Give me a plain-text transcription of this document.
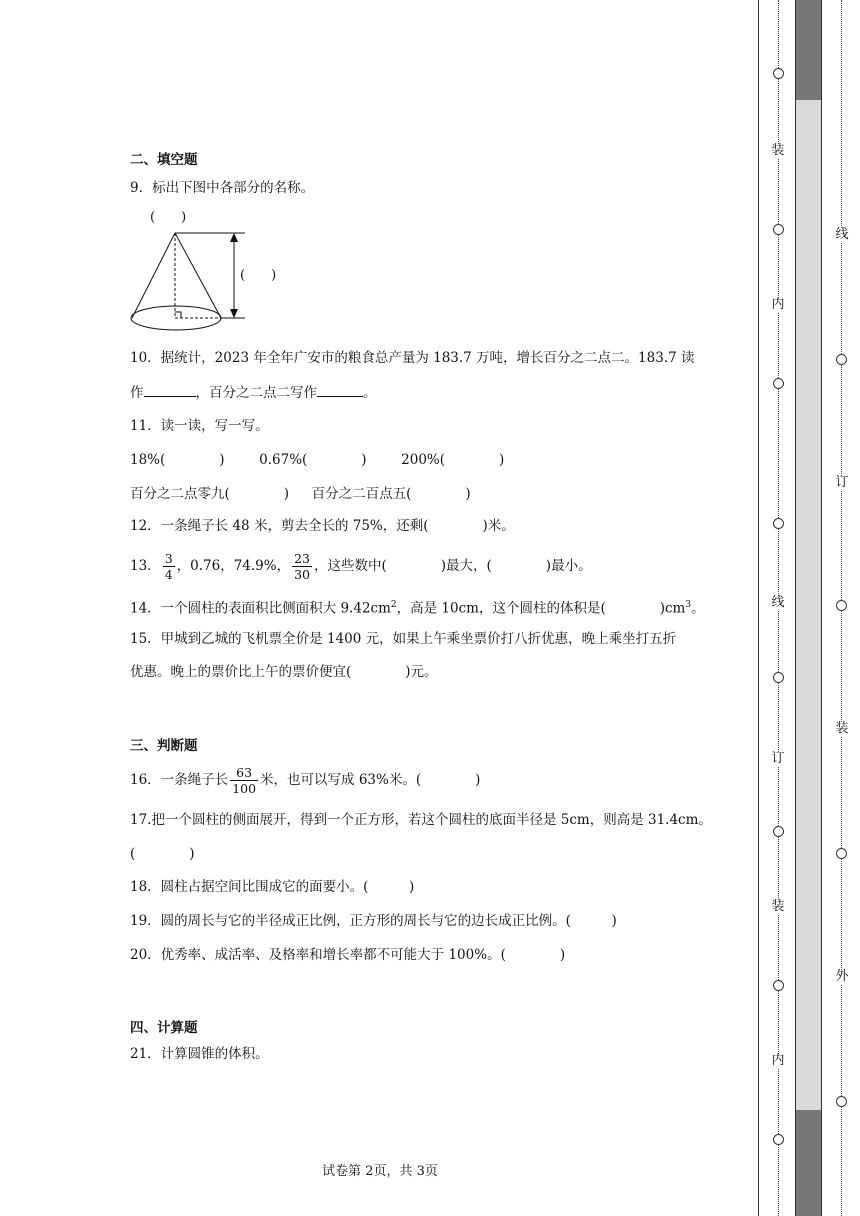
二、填空题
9．标出下图中各部分的名称。
(　　)
(　　)
10．据统计，2023 年全年广安市的粮食总产量为 183.7 万吨，增长百分之二点二。183.7 读
作	，百分之二点二写作	。
11．读一读，写一写。
18%(　　　　)	0.67%(　　　　)	200%(　　　　)
百分之二点零九(　　　　) 百分之二百点五(　　　　)
12．一条绳子长 48 米，剪去全长的 75%，还剩(　　　　)米。
13． $\frac{3}{4}$ ，0.76，74.9%， $\frac{23}{30}$ ，这些数中(　　　　)最大，(　　　　)最小。
14．一个圆柱的表面积比侧面积大 $9.42cm^2$，高是 10cm，这个圆柱的体积是(　　　　)$cm^3$。
15．甲城到乙城的飞机票全价是 1400 元，如果上午乘坐票价打八折优惠，晚上乘坐打五折
优惠。晚上的票价比上午的票价便宜(　　　　)元。
三、判断题
16．一条绳子长 $\frac{63}{100}$ 米，也可以写成 63%米。(　　　　)
17.把一个圆柱的侧面展开，得到一个正方形，若这个圆柱的底面半径是 5cm，则高是 31.4cm。
(　　　　)
18．圆柱占据空间比围成它的面要小。(　　　)
19．圆的周长与它的半径成正比例，正方形的周长与它的边长成正比例。(　　　)
20．优秀率、成活率、及格率和增长率都不可能大于 100%。(　　　　)
四、计算题
21．计算圆锥的体积。
试卷第 2页，共 3页
装
内
线
订
装
内
线
订
装
外
